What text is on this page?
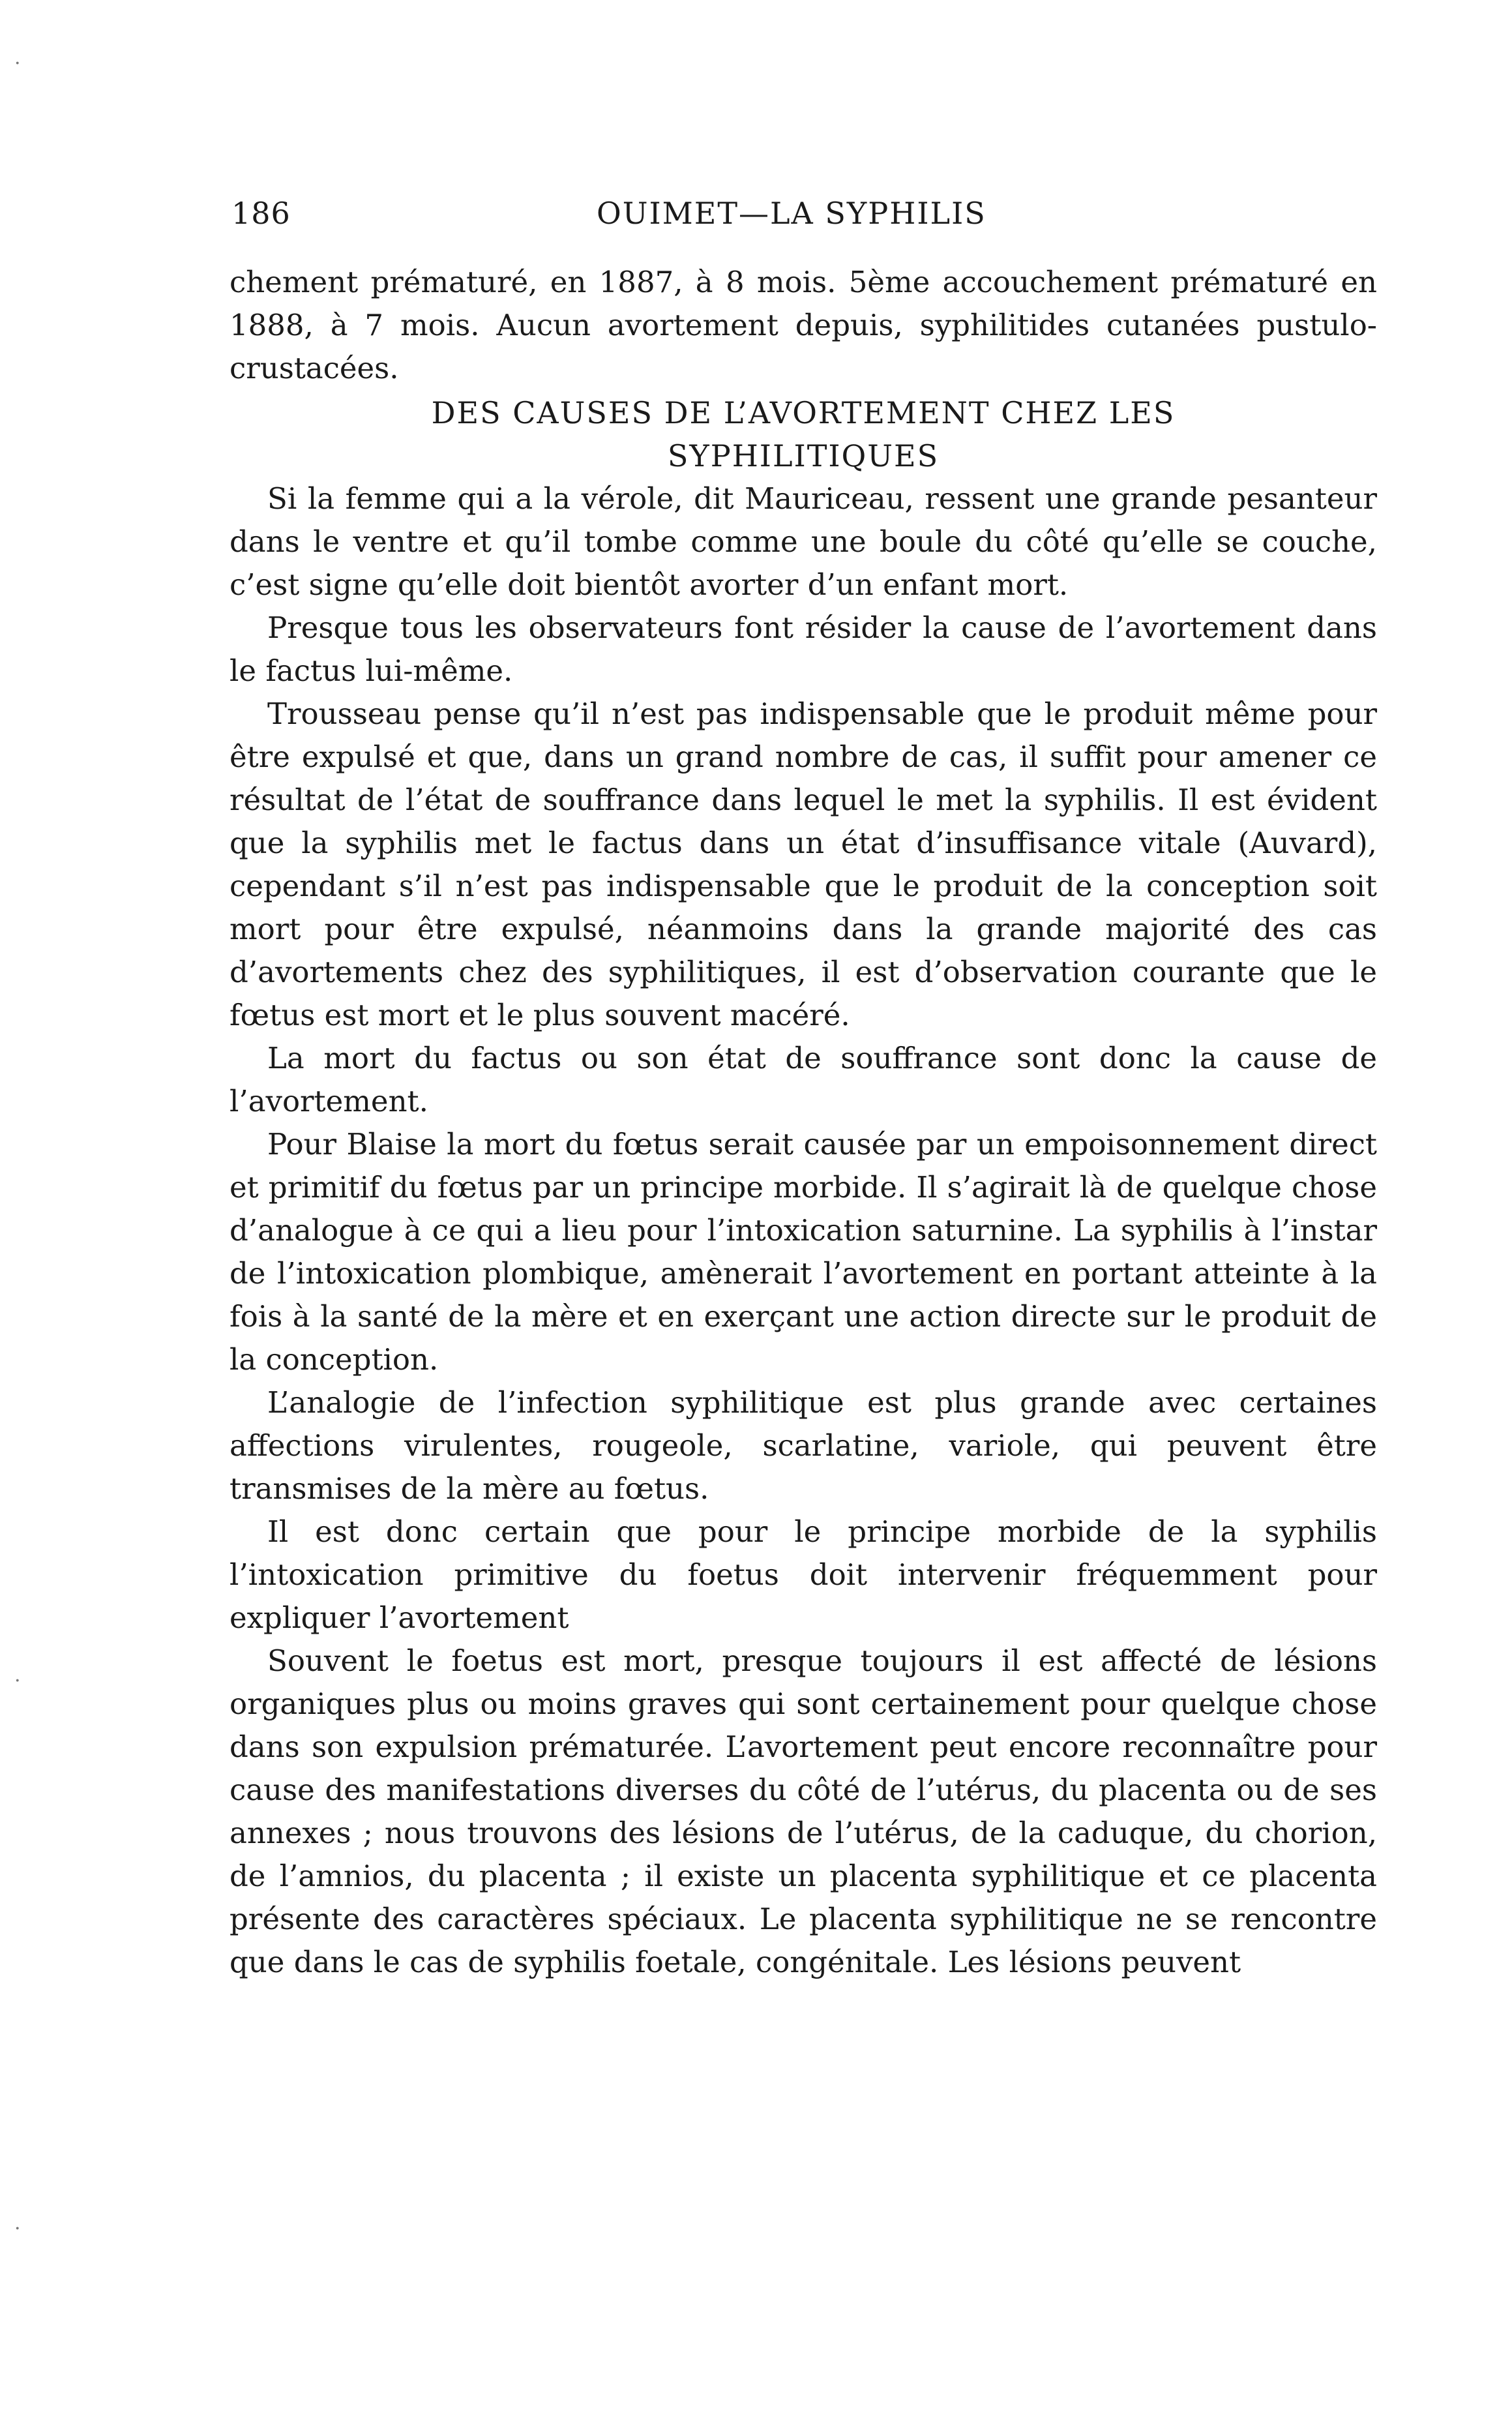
·
·
·
186	OUIMET—LA SYPHILIS

chement prématuré, en 1887, à 8 mois. 5ème accouchement prématuré en 1888, à 7 mois. Aucun avortement depuis, syphilitides cutanées pustulo-crustacées.

DES CAUSES DE L’AVORTEMENT CHEZ LES
SYPHILITIQUES

Si la femme qui a la vérole, dit Mauriceau, ressent une grande pesanteur dans le ventre et qu’il tombe comme une boule du côté qu’elle se couche, c’est signe qu’elle doit bientôt avorter d’un enfant mort.

Presque tous les observateurs font résider la cause de l’avortement dans le factus lui-même.

Trousseau pense qu’il n’est pas indispensable que le produit même pour être expulsé et que, dans un grand nombre de cas, il suffit pour amener ce résultat de l’état de souffrance dans lequel le met la syphilis. Il est évident que la syphilis met le factus dans un état d’insuffisance vitale (Auvard), cependant s’il n’est pas indispensable que le produit de la conception soit mort pour être expulsé, néanmoins dans la grande majorité des cas d’avortements chez des syphilitiques, il est d’observation courante que le fœtus est mort et le plus souvent macéré.

La mort du factus ou son état de souffrance sont donc la cause de l’avortement.

Pour Blaise la mort du fœtus serait causée par un empoisonnement direct et primitif du fœtus par un principe morbide. Il s’agirait là de quelque chose d’analogue à ce qui a lieu pour l’intoxication saturnine. La syphilis à l’instar de l’intoxication plombique, amènerait l’avortement en portant atteinte à la fois à la santé de la mère et en exerçant une action directe sur le produit de la conception.

L’analogie de l’infection syphilitique est plus grande avec certaines affections virulentes, rougeole, scarlatine, variole, qui peuvent être transmises de la mère au fœtus.

Il est donc certain que pour le principe morbide de la syphilis l’intoxication primitive du foetus doit intervenir fréquemment pour expliquer l’avortement

Souvent le foetus est mort, presque toujours il est affecté de lésions organiques plus ou moins graves qui sont certainement pour quelque chose dans son expulsion prématurée. L’avortement peut encore reconnaître pour cause des manifestations diverses du côté de l’utérus, du placenta ou de ses annexes ; nous trouvons des lésions de l’utérus, de la caduque, du chorion, de l’amnios, du placenta ; il existe un placenta syphilitique et ce placenta présente des caractères spéciaux. Le placenta syphilitique ne se rencontre que dans le cas de syphilis foetale, congénitale. Les lésions peuvent
